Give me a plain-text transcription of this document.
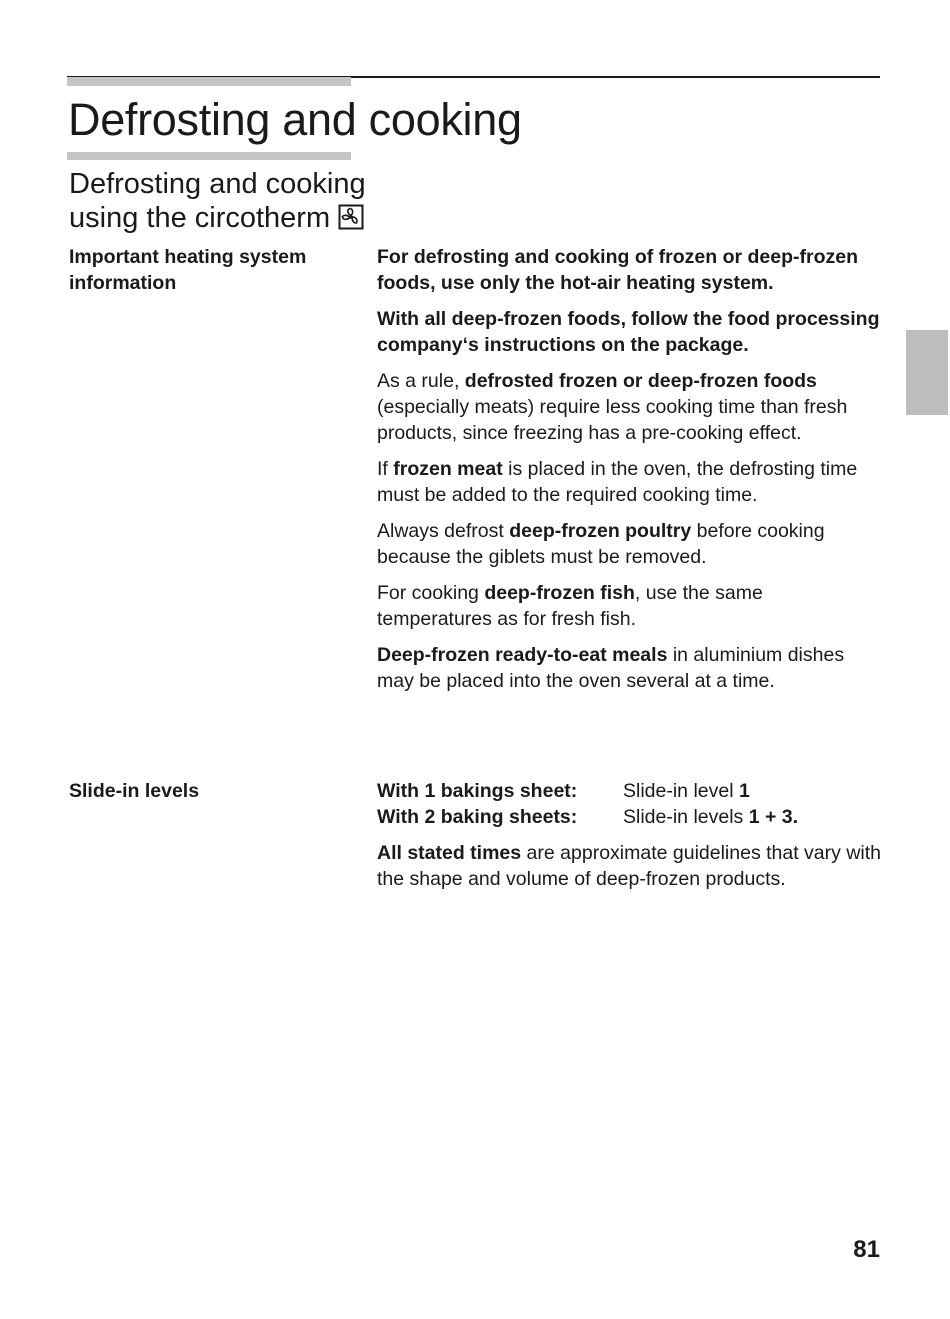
Defrosting and cooking
Defrosting and cooking
using the circotherm
Important heating system information

For defrosting and cooking of frozen or deep-frozen foods, use only the hot-air heating system.

With all deep-frozen foods, follow the food processing company‘s instructions on the package.

As a rule, defrosted frozen or deep-frozen foods (especially meats) require less cooking time than fresh products, since freezing has a pre-cooking effect.

If frozen meat is placed in the oven, the defrosting time must be added to the required cooking time.

Always defrost deep-frozen poultry before cooking because the giblets must be removed.

For cooking deep-frozen fish, use the same temperatures as for fresh fish.

Deep-frozen ready-to-eat meals in aluminium dishes may be placed into the oven several at a time.

Slide-in levels	With 1 bakings sheet:	Slide-in level 1
With 2 baking sheets:	Slide-in levels 1 + 3.

All stated times are approximate guidelines that vary with the shape and volume of deep-frozen products.

81
